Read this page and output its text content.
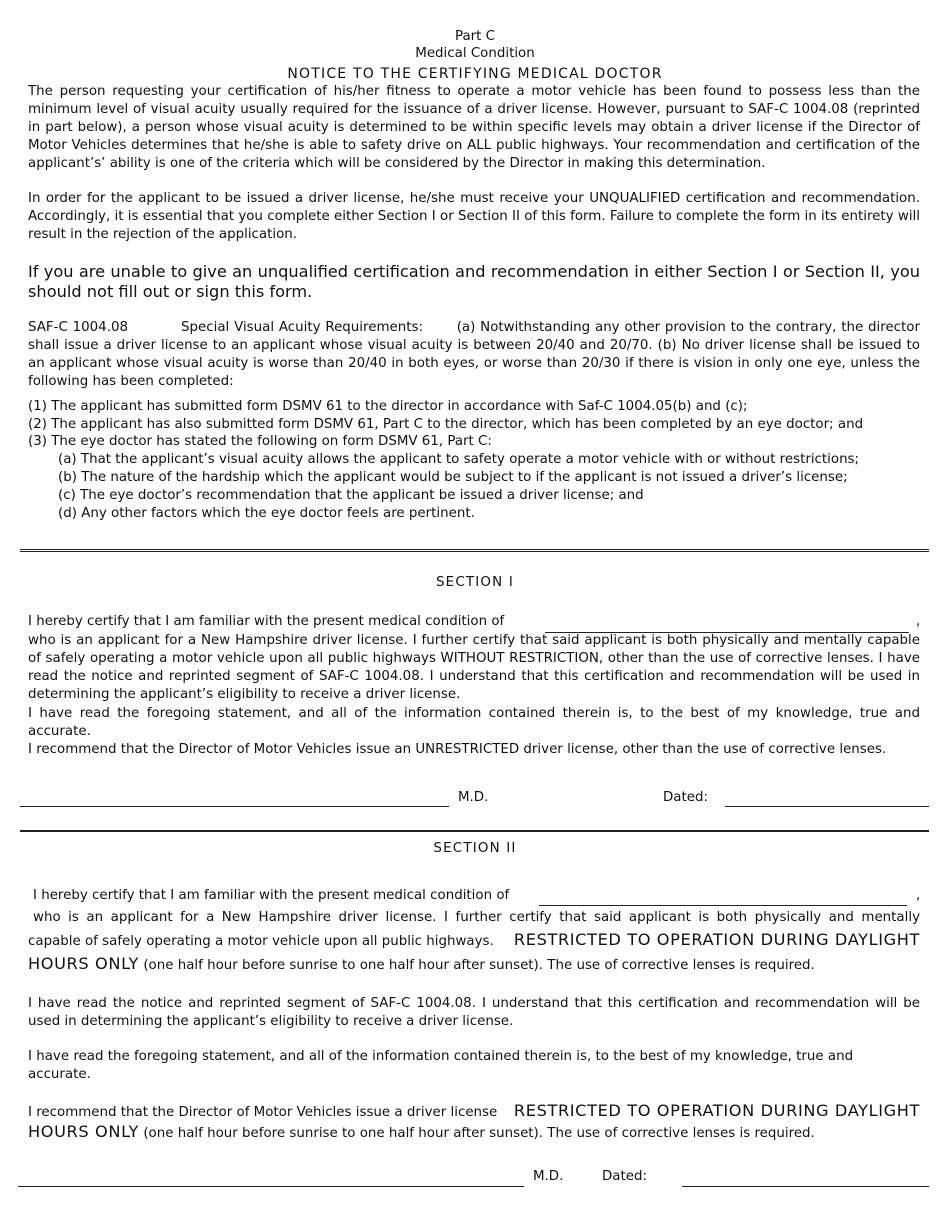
Part C
Medical Condition
NOTICE TO THE CERTIFYING MEDICAL DOCTOR

The person requesting your certification of his/her fitness to operate a motor vehicle has been found to possess less than the minimum level of visual acuity usually required for the issuance of a driver license. However, pursuant to SAF-C 1004.08 (reprinted in part below), a person whose visual acuity is determined to be within specific levels may obtain a driver license if the Director of Motor Vehicles determines that he/she is able to safety drive on ALL public highways. Your recommendation and certification of the applicant’s’ ability is one of the criteria which will be considered by the Director in making this determination.

In order for the applicant to be issued a driver license, he/she must receive your UNQUALIFIED certification and recommendation. Accordingly, it is essential that you complete either Section I or Section II of this form. Failure to complete the form in its entirety will result in the rejection of the application.

If you are unable to give an unqualified certification and recommendation in either Section I or Section II, you should not fill out or sign this form.

SAF-C 1004.08	Special Visual Acuity Requirements:	(a) Notwithstanding any other provision to the contrary, the director shall issue a driver license to an applicant whose visual acuity is between 20/40 and 20/70. (b) No driver license shall be issued to an applicant whose visual acuity is worse than 20/40 in both eyes, or worse than 20/30 if there is vision in only one eye, unless the following has been completed:

(1) The applicant has submitted form DSMV 61 to the director in accordance with Saf-C 1004.05(b) and (c);
(2) The applicant has also submitted form DSMV 61, Part C to the director, which has been completed by an eye doctor; and
(3) The eye doctor has stated the following on form DSMV 61, Part C:
(a) That the applicant’s visual acuity allows the applicant to safety operate a motor vehicle with or without restrictions;
(b) The nature of the hardship which the applicant would be subject to if the applicant is not issued a driver’s license;
(c) The eye doctor’s recommendation that the applicant be issued a driver license; and
(d) Any other factors which the eye doctor feels are pertinent.
SECTION I
I hereby certify that I am familiar with the present medical condition of	,

who is an applicant for a New Hampshire driver license. I further certify that said applicant is both physically and mentally capable of safely operating a motor vehicle upon all public highways WITHOUT RESTRICTION, other than the use of corrective lenses. I have read the notice and reprinted segment of SAF-C 1004.08. I understand that this certification and recommendation will be used in determining the applicant’s eligibility to receive a driver license.

I have read the foregoing statement, and all of the information contained therein is, to the best of my knowledge, true and accurate.

I recommend that the Director of Motor Vehicles issue an UNRESTRICTED driver license, other than the use of corrective lenses.
M.D.	Dated:
SECTION II
I hereby certify that I am familiar with the present medical condition of	,
who is an applicant for a New Hampshire driver license. I further certify that said applicant is both physically and mentally
capable of safely operating a motor vehicle upon all public highways. RESTRICTED TO OPERATION DURING DAYLIGHT
HOURS ONLY (one half hour before sunrise to one half hour after sunset). The use of corrective lenses is required.

I have read the notice and reprinted segment of SAF-C 1004.08. I understand that this certification and recommendation will be used in determining the applicant’s eligibility to receive a driver license.

I have read the foregoing statement, and all of the information contained therein is, to the best of my knowledge, true and
accurate.
I recommend that the Director of Motor Vehicles issue a driver license RESTRICTED TO OPERATION DURING DAYLIGHT
HOURS ONLY (one half hour before sunrise to one half hour after sunset). The use of corrective lenses is required.
M.D.	Dated:
